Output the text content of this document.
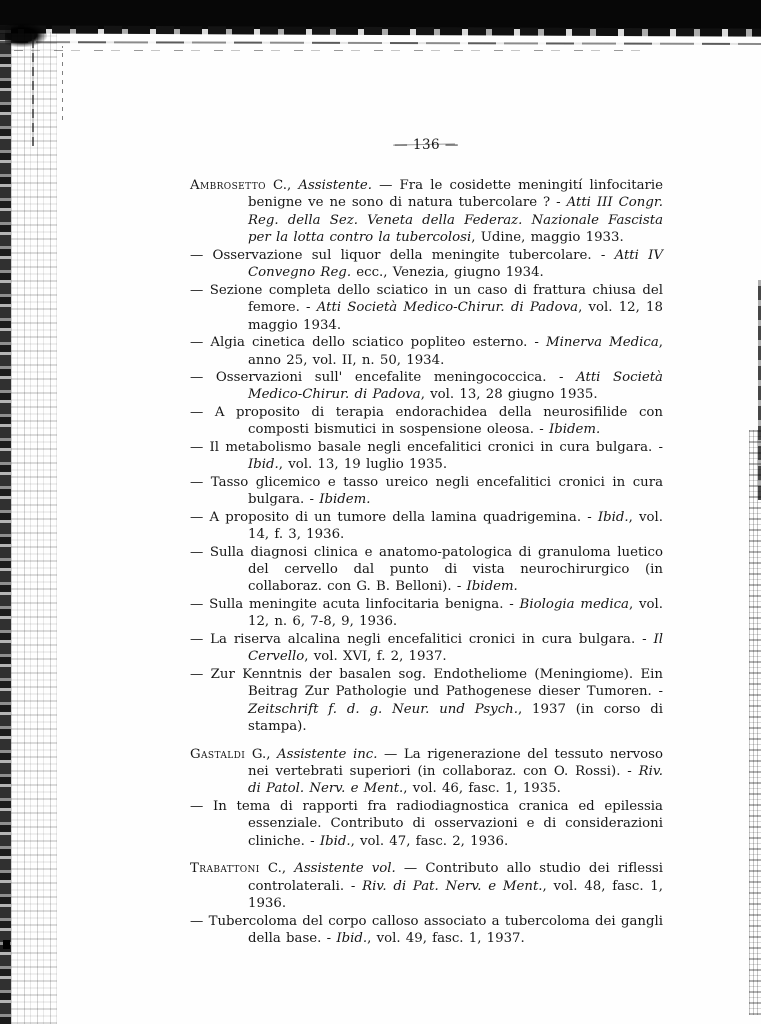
— 136 —

Ambrosetto C., Assistente. — Fra le cosidette meningití linfocitarie benigne ve ne sono di natura tubercolare ? - Atti III Congr. Reg. della Sez. Veneta della Federaz. Nazionale Fascista per la lotta contro la tubercolosi, Udine, maggio 1933.

— Osservazione sul liquor della meningite tubercolare. - Atti IV Convegno Reg. ecc., Venezia, giugno 1934.

— Sezione completa dello sciatico in un caso di frattura chiusa del femore. - Atti Società Medico-Chirur. di Padova, vol. 12, 18 maggio 1934.

— Algia cinetica dello sciatico popliteo esterno. - Minerva Medica, anno 25, vol. II, n. 50, 1934.

— Osservazioni sull' encefalite meningococcica. - Atti Società Medico-Chirur. di Padova, vol. 13, 28 giugno 1935.

— A proposito di terapia endorachidea della neurosifilide con composti bismutici in sospensione oleosa. - Ibidem.

— Il metabolismo basale negli encefalitici cronici in cura bulgara. - Ibid., vol. 13, 19 luglio 1935.

— Tasso glicemico e tasso ureico negli encefalitici cronici in cura bulgara. - Ibidem.

— A proposito di un tumore della lamina quadrigemina. - Ibid., vol. 14, f. 3, 1936.

— Sulla diagnosi clinica e anatomo-patologica di granuloma luetico del cervello dal punto di vista neurochirurgico (in collaboraz. con G. B. Belloni). - Ibidem.

— Sulla meningite acuta linfocitaria benigna. - Biologia medica, vol. 12, n. 6, 7-8, 9, 1936.

— La riserva alcalina negli encefalitici cronici in cura bulgara. - Il Cervello, vol. XVI, f. 2, 1937.

— Zur Kenntnis der basalen sog. Endotheliome (Meningiome). Ein Beitrag Zur Pathologie und Pathogenese dieser Tumoren. - Zeitschrift f. d. g. Neur. und Psych., 1937 (in corso di stampa).

Gastaldi G., Assistente inc. — La rigenerazione del tessuto nervoso nei vertebrati superiori (in collaboraz. con O. Rossi). - Riv. di Patol. Nerv. e Ment., vol. 46, fasc. 1, 1935.

— In tema di rapporti fra radiodiagnostica cranica ed epilessia essenziale. Contributo di osservazioni e di considerazioni cliniche. - Ibid., vol. 47, fasc. 2, 1936.

Trabattoni C., Assistente vol. — Contributo allo studio dei riflessi controlaterali. - Riv. di Pat. Nerv. e Ment., vol. 48, fasc. 1, 1936.

— Tubercoloma del corpo calloso associato a tubercoloma dei gangli della base. - Ibid., vol. 49, fasc. 1, 1937.
